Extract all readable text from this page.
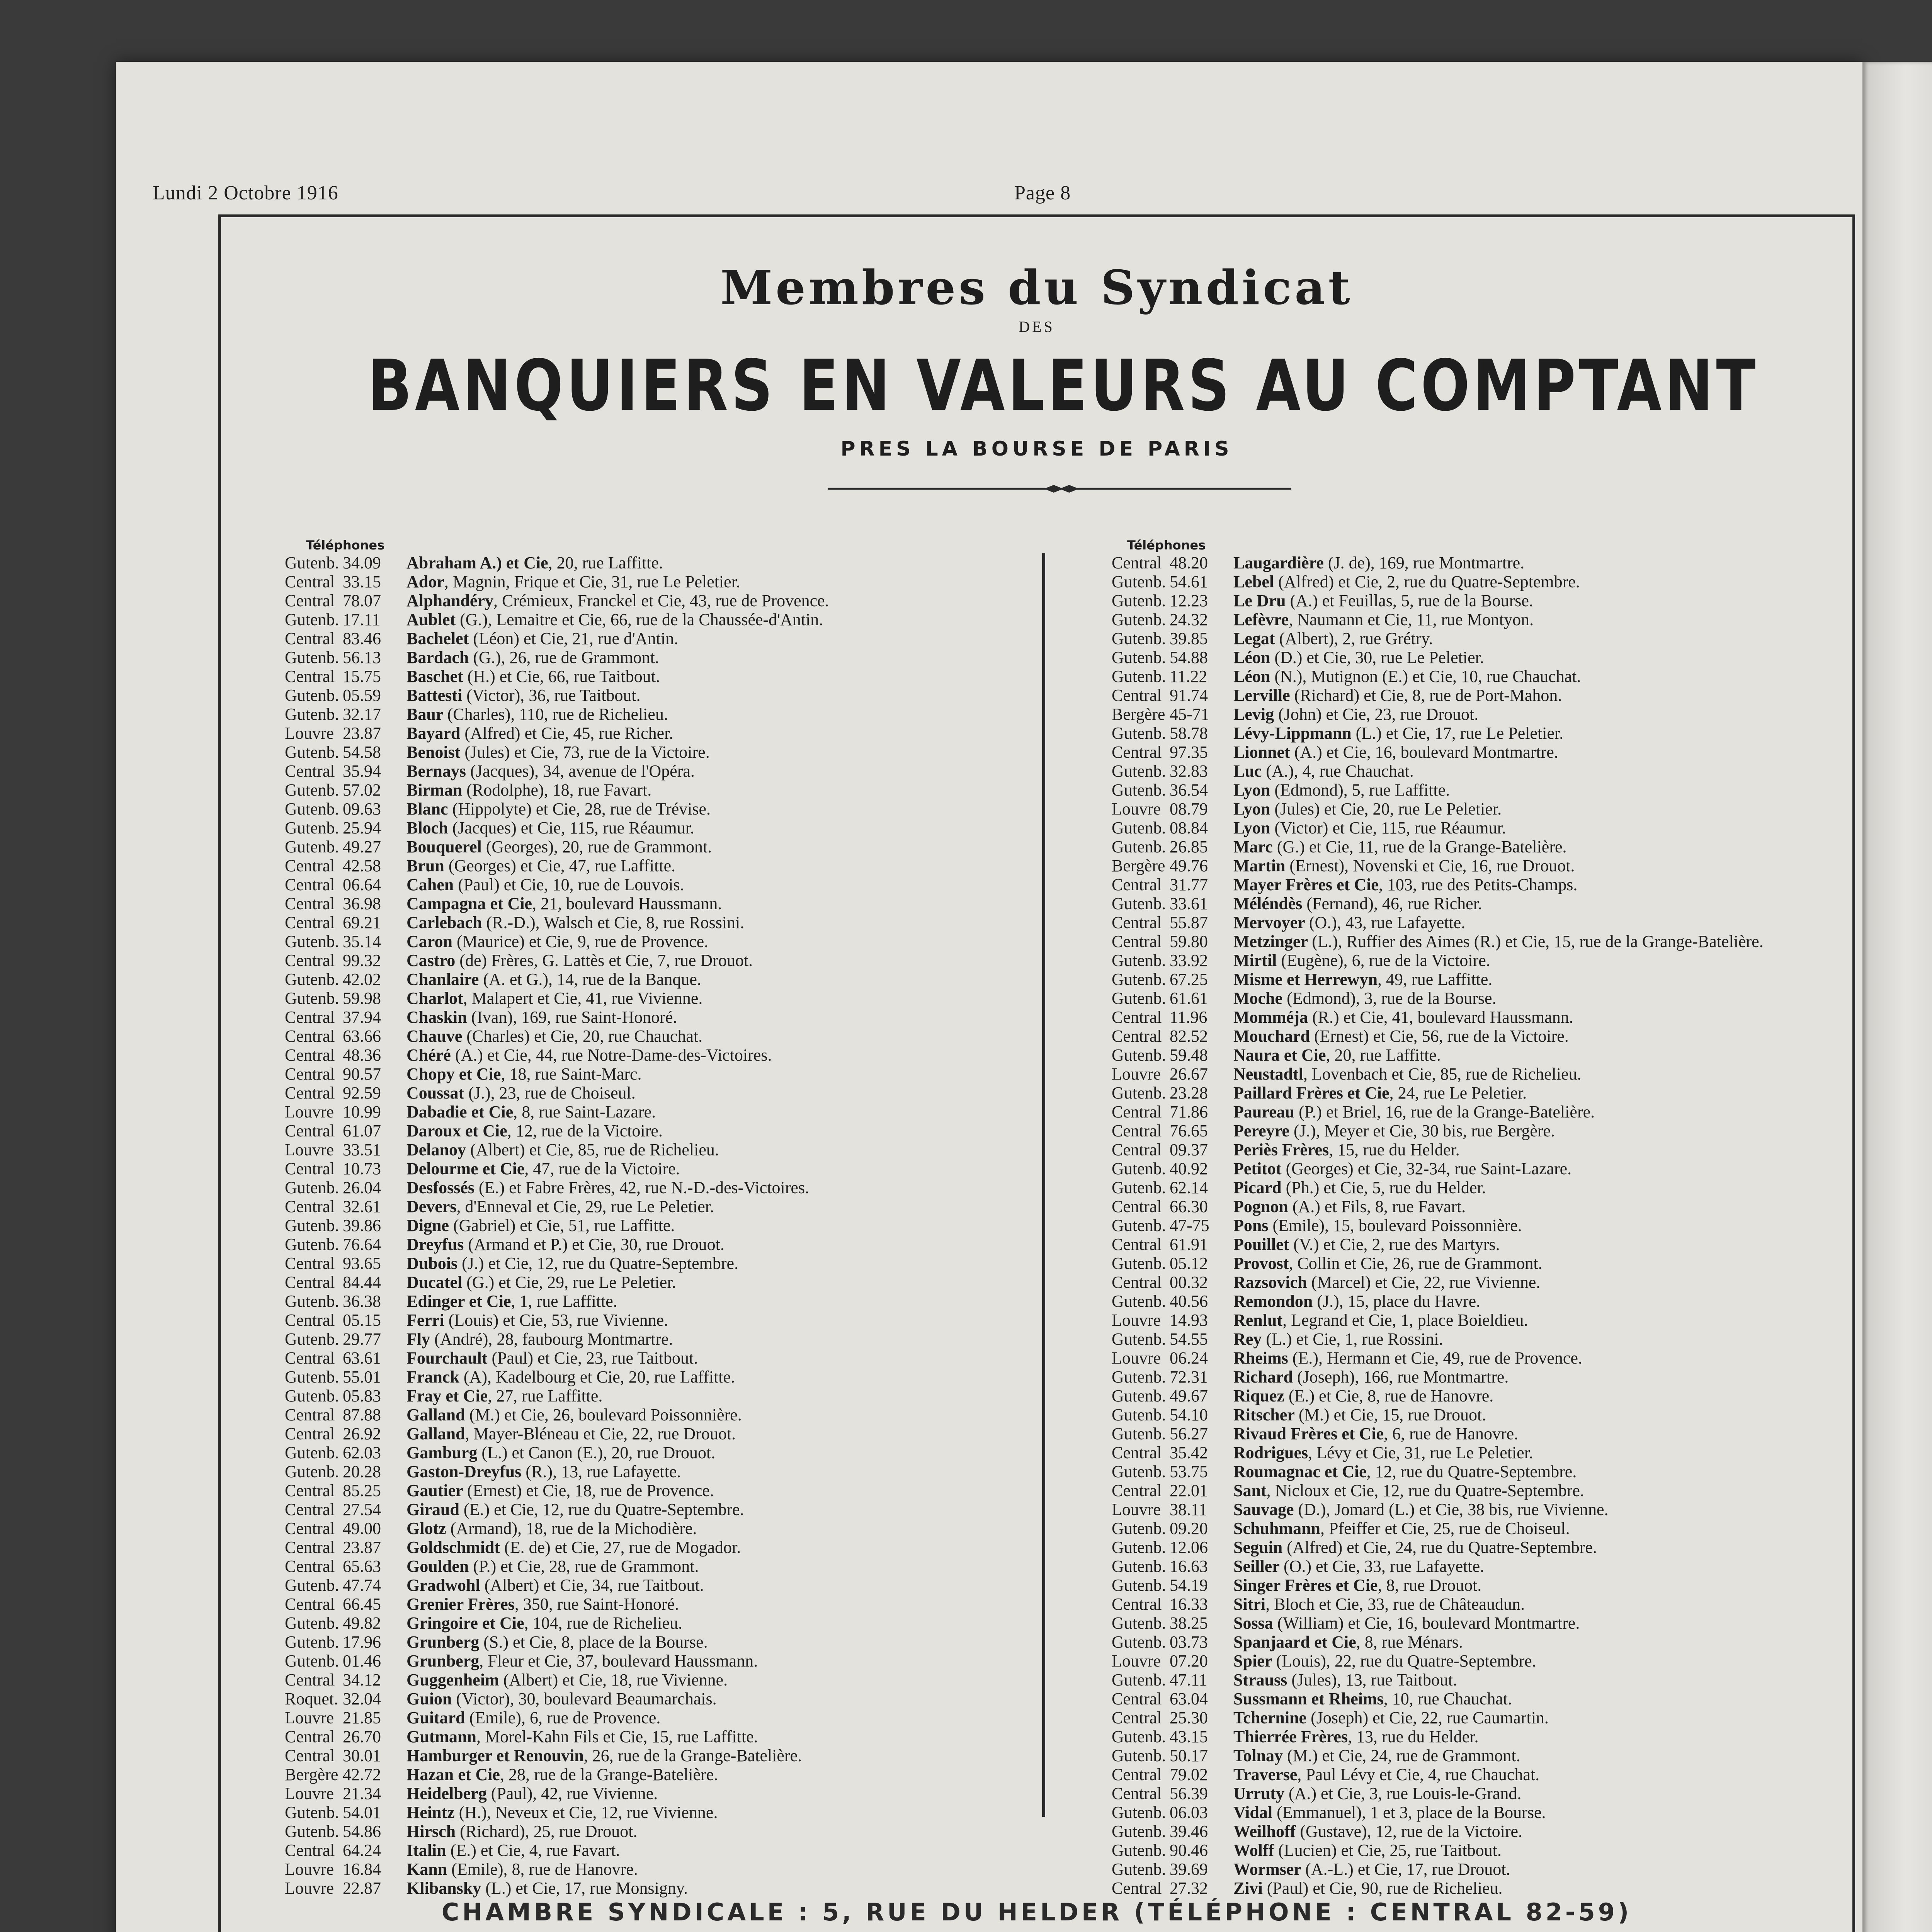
Lundi 2 Octobre 1916	Page 8
Membres du Syndicat
DES
BANQUIERS EN VALEURS AU COMPTANT
PRES LA BOURSE DE PARIS
Téléphones	Téléphones
Gutenb. 34.09 Abraham A.) et Cie, 20, rue Laffitte.
Central 33.15 Ador, Magnin, Frique et Cie, 31, rue Le Peletier.
Central 78.07 Alphandéry, Crémieux, Franckel et Cie, 43, rue de Provence.
Gutenb. 17.11 Aublet (G.), Lemaitre et Cie, 66, rue de la Chaussée-d'Antin.
Central 83.46 Bachelet (Léon) et Cie, 21, rue d'Antin.
Gutenb. 56.13 Bardach (G.), 26, rue de Grammont.
Central 15.75 Baschet (H.) et Cie, 66, rue Taitbout.
Gutenb. 05.59 Battesti (Victor), 36, rue Taitbout.
Gutenb. 32.17 Baur (Charles), 110, rue de Richelieu.
Louvre 23.87 Bayard (Alfred) et Cie, 45, rue Richer.
Gutenb. 54.58 Benoist (Jules) et Cie, 73, rue de la Victoire.
Central 35.94 Bernays (Jacques), 34, avenue de l'Opéra.
Gutenb. 57.02 Birman (Rodolphe), 18, rue Favart.
Gutenb. 09.63 Blanc (Hippolyte) et Cie, 28, rue de Trévise.
Gutenb. 25.94 Bloch (Jacques) et Cie, 115, rue Réaumur.
Gutenb. 49.27 Bouquerel (Georges), 20, rue de Grammont.
Central 42.58 Brun (Georges) et Cie, 47, rue Laffitte.
Central 06.64 Cahen (Paul) et Cie, 10, rue de Louvois.
Central 36.98 Campagna et Cie, 21, boulevard Haussmann.
Central 69.21 Carlebach (R.-D.), Walsch et Cie, 8, rue Rossini.
Gutenb. 35.14 Caron (Maurice) et Cie, 9, rue de Provence.
Central 99.32 Castro (de) Frères, G. Lattès et Cie, 7, rue Drouot.
Gutenb. 42.02 Chanlaire (A. et G.), 14, rue de la Banque.
Gutenb. 59.98 Charlot, Malapert et Cie, 41, rue Vivienne.
Central 37.94 Chaskin (Ivan), 169, rue Saint-Honoré.
Central 63.66 Chauve (Charles) et Cie, 20, rue Chauchat.
Central 48.36 Chéré (A.) et Cie, 44, rue Notre-Dame-des-Victoires.
Central 90.57 Chopy et Cie, 18, rue Saint-Marc.
Central 92.59 Coussat (J.), 23, rue de Choiseul.
Louvre 10.99 Dabadie et Cie, 8, rue Saint-Lazare.
Central 61.07 Daroux et Cie, 12, rue de la Victoire.
Louvre 33.51 Delanoy (Albert) et Cie, 85, rue de Richelieu.
Central 10.73 Delourme et Cie, 47, rue de la Victoire.
Gutenb. 26.04 Desfossés (E.) et Fabre Frères, 42, rue N.-D.-des-Victoires.
Central 32.61 Devers, d'Enneval et Cie, 29, rue Le Peletier.
Gutenb. 39.86 Digne (Gabriel) et Cie, 51, rue Laffitte.
Gutenb. 76.64 Dreyfus (Armand et P.) et Cie, 30, rue Drouot.
Central 93.65 Dubois (J.) et Cie, 12, rue du Quatre-Septembre.
Central 84.44 Ducatel (G.) et Cie, 29, rue Le Peletier.
Gutenb. 36.38 Edinger et Cie, 1, rue Laffitte.
Central 05.15 Ferri (Louis) et Cie, 53, rue Vivienne.
Gutenb. 29.77 Fly (André), 28, faubourg Montmartre.
Central 63.61 Fourchault (Paul) et Cie, 23, rue Taitbout.
Gutenb. 55.01 Franck (A), Kadelbourg et Cie, 20, rue Laffitte.
Gutenb. 05.83 Fray et Cie, 27, rue Laffitte.
Central 87.88 Galland (M.) et Cie, 26, boulevard Poissonnière.
Central 26.92 Galland, Mayer-Bléneau et Cie, 22, rue Drouot.
Gutenb. 62.03 Gamburg (L.) et Canon (E.), 20, rue Drouot.
Gutenb. 20.28 Gaston-Dreyfus (R.), 13, rue Lafayette.
Central 85.25 Gautier (Ernest) et Cie, 18, rue de Provence.
Central 27.54 Giraud (E.) et Cie, 12, rue du Quatre-Septembre.
Central 49.00 Glotz (Armand), 18, rue de la Michodière.
Central 23.87 Goldschmidt (E. de) et Cie, 27, rue de Mogador.
Central 65.63 Goulden (P.) et Cie, 28, rue de Grammont.
Gutenb. 47.74 Gradwohl (Albert) et Cie, 34, rue Taitbout.
Central 66.45 Grenier Frères, 350, rue Saint-Honoré.
Gutenb. 49.82 Gringoire et Cie, 104, rue de Richelieu.
Gutenb. 17.96 Grunberg (S.) et Cie, 8, place de la Bourse.
Gutenb. 01.46 Grunberg, Fleur et Cie, 37, boulevard Haussmann.
Central 34.12 Guggenheim (Albert) et Cie, 18, rue Vivienne.
Roquet. 32.04 Guion (Victor), 30, boulevard Beaumarchais.
Louvre 21.85 Guitard (Emile), 6, rue de Provence.
Central 26.70 Gutmann, Morel-Kahn Fils et Cie, 15, rue Laffitte.
Central 30.01 Hamburger et Renouvin, 26, rue de la Grange-Batelière.
Bergère 42.72 Hazan et Cie, 28, rue de la Grange-Batelière.
Louvre 21.34 Heidelberg (Paul), 42, rue Vivienne.
Gutenb. 54.01 Heintz (H.), Neveux et Cie, 12, rue Vivienne.
Gutenb. 54.86 Hirsch (Richard), 25, rue Drouot.
Central 64.24 Italin (E.) et Cie, 4, rue Favart.
Louvre 16.84 Kann (Emile), 8, rue de Hanovre.
Louvre 22.87 Klibansky (L.) et Cie, 17, rue Monsigny.
Central 48.20 Laugardière (J. de), 169, rue Montmartre.
Gutenb. 54.61 Lebel (Alfred) et Cie, 2, rue du Quatre-Septembre.
Gutenb. 12.23 Le Dru (A.) et Feuillas, 5, rue de la Bourse.
Gutenb. 24.32 Lefèvre, Naumann et Cie, 11, rue Montyon.
Gutenb. 39.85 Legat (Albert), 2, rue Grétry.
Gutenb. 54.88 Léon (D.) et Cie, 30, rue Le Peletier.
Gutenb. 11.22 Léon (N.), Mutignon (E.) et Cie, 10, rue Chauchat.
Central 91.74 Lerville (Richard) et Cie, 8, rue de Port-Mahon.
Bergère 45-71 Levig (John) et Cie, 23, rue Drouot.
Gutenb. 58.78 Lévy-Lippmann (L.) et Cie, 17, rue Le Peletier.
Central 97.35 Lionnet (A.) et Cie, 16, boulevard Montmartre.
Gutenb. 32.83 Luc (A.), 4, rue Chauchat.
Gutenb. 36.54 Lyon (Edmond), 5, rue Laffitte.
Louvre 08.79 Lyon (Jules) et Cie, 20, rue Le Peletier.
Gutenb. 08.84 Lyon (Victor) et Cie, 115, rue Réaumur.
Gutenb. 26.85 Marc (G.) et Cie, 11, rue de la Grange-Batelière.
Bergère 49.76 Martin (Ernest), Novenski et Cie, 16, rue Drouot.
Central 31.77 Mayer Frères et Cie, 103, rue des Petits-Champs.
Gutenb. 33.61 Méléndès (Fernand), 46, rue Richer.
Central 55.87 Mervoyer (O.), 43, rue Lafayette.
Central 59.80 Metzinger (L.), Ruffier des Aimes (R.) et Cie, 15, rue de la Grange-Batelière.
Gutenb. 33.92 Mirtil (Eugène), 6, rue de la Victoire.
Gutenb. 67.25 Misme et Herrewyn, 49, rue Laffitte.
Gutenb. 61.61 Moche (Edmond), 3, rue de la Bourse.
Central 11.96 Momméja (R.) et Cie, 41, boulevard Haussmann.
Central 82.52 Mouchard (Ernest) et Cie, 56, rue de la Victoire.
Gutenb. 59.48 Naura et Cie, 20, rue Laffitte.
Louvre 26.67 Neustadtl, Lovenbach et Cie, 85, rue de Richelieu.
Gutenb. 23.28 Paillard Frères et Cie, 24, rue Le Peletier.
Central 71.86 Paureau (P.) et Briel, 16, rue de la Grange-Batelière.
Central 76.65 Pereyre (J.), Meyer et Cie, 30 bis, rue Bergère.
Central 09.37 Periès Frères, 15, rue du Helder.
Gutenb. 40.92 Petitot (Georges) et Cie, 32-34, rue Saint-Lazare.
Gutenb. 62.14 Picard (Ph.) et Cie, 5, rue du Helder.
Central 66.30 Pognon (A.) et Fils, 8, rue Favart.
Gutenb. 47-75 Pons (Emile), 15, boulevard Poissonnière.
Central 61.91 Pouillet (V.) et Cie, 2, rue des Martyrs.
Gutenb. 05.12 Provost, Collin et Cie, 26, rue de Grammont.
Central 00.32 Razsovich (Marcel) et Cie, 22, rue Vivienne.
Gutenb. 40.56 Remondon (J.), 15, place du Havre.
Louvre 14.93 Renlut, Legrand et Cie, 1, place Boieldieu.
Gutenb. 54.55 Rey (L.) et Cie, 1, rue Rossini.
Louvre 06.24 Rheims (E.), Hermann et Cie, 49, rue de Provence.
Gutenb. 72.31 Richard (Joseph), 166, rue Montmartre.
Gutenb. 49.67 Riquez (E.) et Cie, 8, rue de Hanovre.
Gutenb. 54.10 Ritscher (M.) et Cie, 15, rue Drouot.
Gutenb. 56.27 Rivaud Frères et Cie, 6, rue de Hanovre.
Central 35.42 Rodrigues, Lévy et Cie, 31, rue Le Peletier.
Gutenb. 53.75 Roumagnac et Cie, 12, rue du Quatre-Septembre.
Central 22.01 Sant, Nicloux et Cie, 12, rue du Quatre-Septembre.
Louvre 38.11 Sauvage (D.), Jomard (L.) et Cie, 38 bis, rue Vivienne.
Gutenb. 09.20 Schuhmann, Pfeiffer et Cie, 25, rue de Choiseul.
Gutenb. 12.06 Seguin (Alfred) et Cie, 24, rue du Quatre-Septembre.
Gutenb. 16.63 Seiller (O.) et Cie, 33, rue Lafayette.
Gutenb. 54.19 Singer Frères et Cie, 8, rue Drouot.
Central 16.33 Sitri, Bloch et Cie, 33, rue de Châteaudun.
Gutenb. 38.25 Sossa (William) et Cie, 16, boulevard Montmartre.
Gutenb. 03.73 Spanjaard et Cie, 8, rue Ménars.
Louvre 07.20 Spier (Louis), 22, rue du Quatre-Septembre.
Gutenb. 47.11 Strauss (Jules), 13, rue Taitbout.
Central 63.04 Sussmann et Rheims, 10, rue Chauchat.
Central 25.30 Tchernine (Joseph) et Cie, 22, rue Caumartin.
Gutenb. 43.15 Thierrée Frères, 13, rue du Helder.
Gutenb. 50.17 Tolnay (M.) et Cie, 24, rue de Grammont.
Central 79.02 Traverse, Paul Lévy et Cie, 4, rue Chauchat.
Central 56.39 Urruty (A.) et Cie, 3, rue Louis-le-Grand.
Gutenb. 06.03 Vidal (Emmanuel), 1 et 3, place de la Bourse.
Gutenb. 39.46 Weilhoff (Gustave), 12, rue de la Victoire.
Gutenb. 90.46 Wolff (Lucien) et Cie, 25, rue Taitbout.
Gutenb. 39.69 Wormser (A.-L.) et Cie, 17, rue Drouot.
Central 27.32 Zivi (Paul) et Cie, 90, rue de Richelieu.
CHAMBRE SYNDICALE : 5, RUE DU HELDER (TÉLÉPHONE : CENTRAL 82-59)
